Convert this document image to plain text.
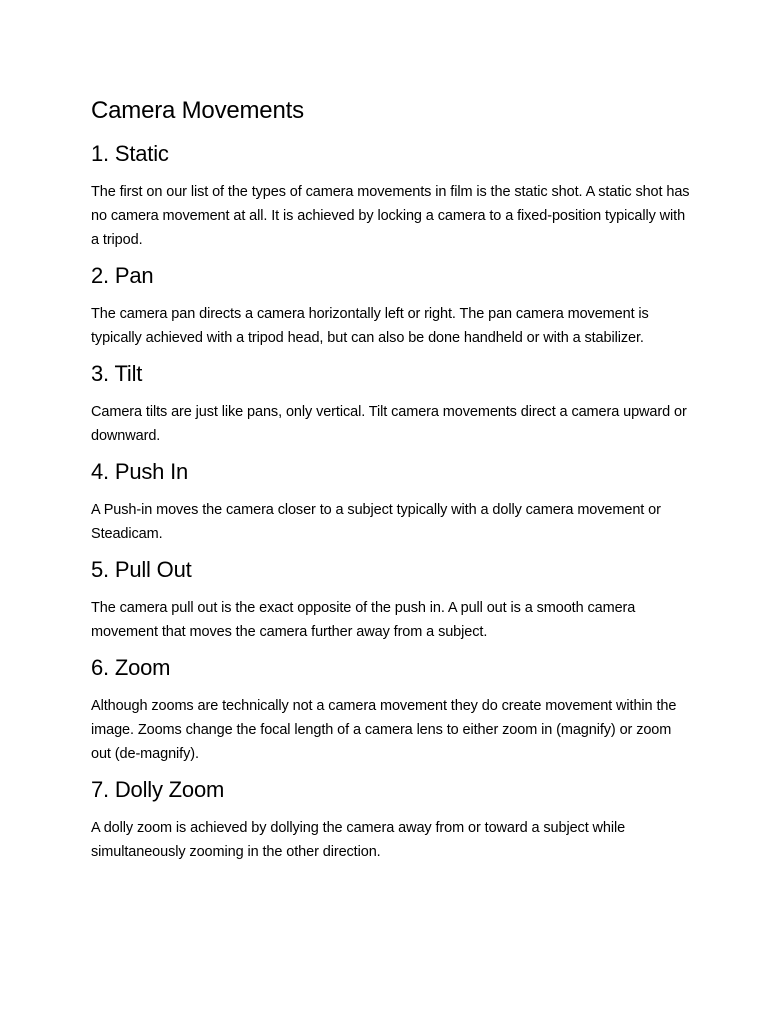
Camera Movements
1. Static

The first on our list of the types of camera movements in film is the static shot. A static shot has no camera movement at all. It is achieved by locking a camera to a fixed-position typically with a tripod.

2. Pan

The camera pan directs a camera horizontally left or right. The pan camera movement is typically achieved with a tripod head, but can also be done handheld or with a stabilizer.

3. Tilt

Camera tilts are just like pans, only vertical. Tilt camera movements direct a camera upward or downward.

4. Push In

A Push-in moves the camera closer to a subject typically with a dolly camera movement or Steadicam.

5. Pull Out

The camera pull out is the exact opposite of the push in. A pull out is a smooth camera movement that moves the camera further away from a subject.

6. Zoom

Although zooms are technically not a camera movement they do create movement within the image. Zooms change the focal length of a camera lens to either zoom in (magnify) or zoom out (de-magnify).

7. Dolly Zoom

A dolly zoom is achieved by dollying the camera away from or toward a subject while simultaneously zooming in the other direction.
